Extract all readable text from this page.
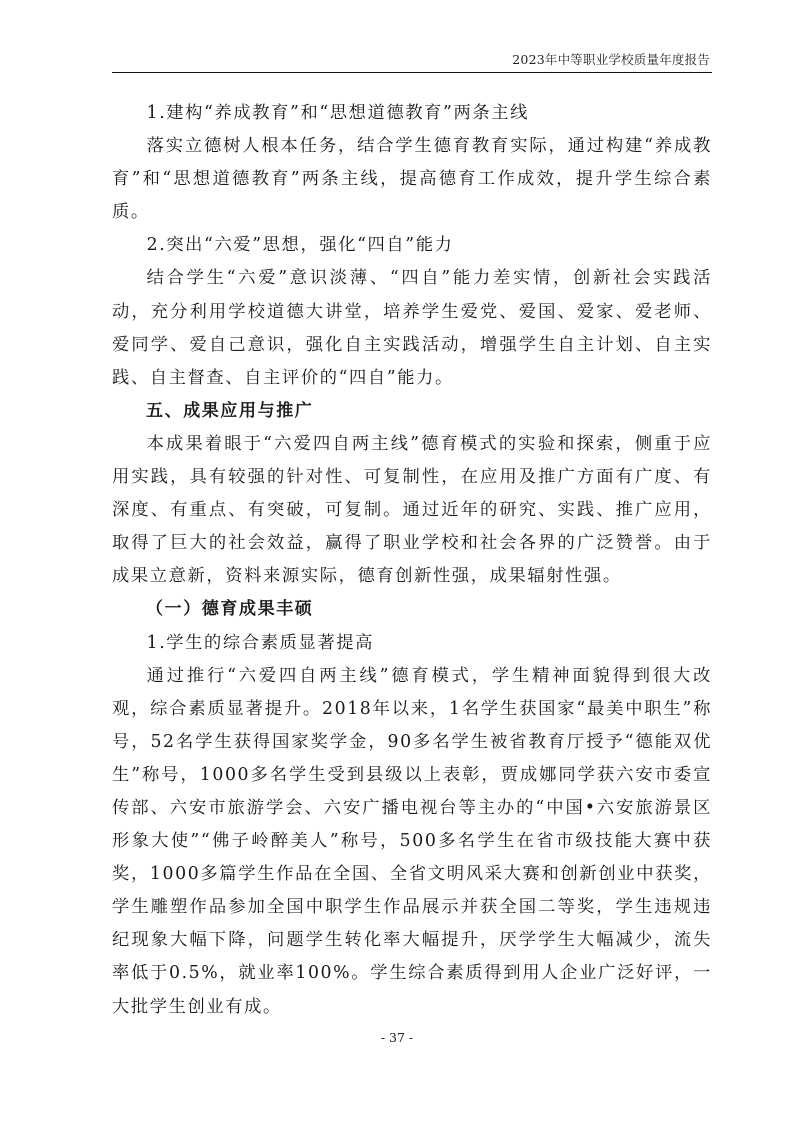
2023年中等职业学校质量年度报告

1.建构“养成教育”和“思想道德教育”两条主线

落实立德树人根本任务，结合学生德育教育实际，通过构建“养成教育”和“思想道德教育”两条主线，提高德育工作成效，提升学生综合素质。

2.突出“六爱”思想，强化“四自”能力

结合学生“六爱”意识淡薄、“四自”能力差实情，创新社会实践活动，充分利用学校道德大讲堂，培养学生爱党、爱国、爱家、爱老师、爱同学、爱自己意识，强化自主实践活动，增强学生自主计划、自主实践、自主督查、自主评价的“四自”能力。

五、成果应用与推广

本成果着眼于“六爱四自两主线”德育模式的实验和探索，侧重于应用实践，具有较强的针对性、可复制性，在应用及推广方面有广度、有深度、有重点、有突破，可复制。通过近年的研究、实践、推广应用，取得了巨大的社会效益，赢得了职业学校和社会各界的广泛赞誉。由于成果立意新，资料来源实际，德育创新性强，成果辐射性强。

（一）德育成果丰硕

1.学生的综合素质显著提高

通过推行“六爱四自两主线”德育模式，学生精神面貌得到很大改观，综合素质显著提升。2018年以来，1名学生获国家“最美中职生”称号，52名学生获得国家奖学金，90多名学生被省教育厅授予“德能双优生”称号，1000多名学生受到县级以上表彰，贾成娜同学获六安市委宣传部、六安市旅游学会、六安广播电视台等主办的“中国•六安旅游景区形象大使”“佛子岭醉美人”称号，500多名学生在省市级技能大赛中获奖，1000多篇学生作品在全国、全省文明风采大赛和创新创业中获奖，学生雕塑作品参加全国中职学生作品展示并获全国二等奖，学生违规违纪现象大幅下降，问题学生转化率大幅提升，厌学学生大幅减少，流失率低于0.5%，就业率100%。学生综合素质得到用人企业广泛好评，一大批学生创业有成。

- 37 -
